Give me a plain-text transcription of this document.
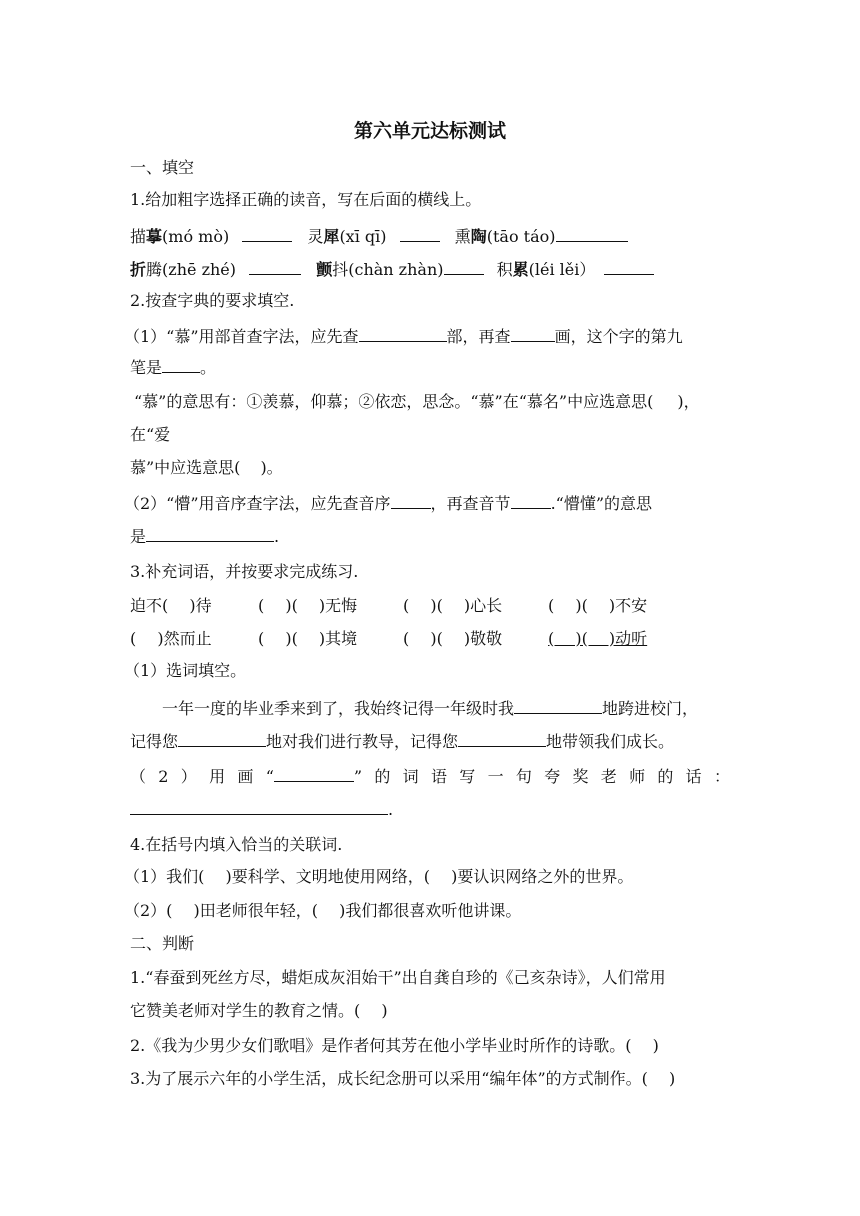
第六单元达标测试
一、填空
1.给加粗字选择正确的读音，写在后面的横线上。
描摹(mó mò)	灵犀(xī qī)	熏陶(tāo táo)
折腾(zhē zhé)	颤抖(chàn zhàn)	积累(léi lěi）
2.按查字典的要求填空.
（1）“慕”用部首查字法，应先查	部，再查	画，这个字的第九
笔是 。
“慕”的意思有：①羡慕，仰慕；②依恋，思念。“慕”在“慕名”中应选意思( )，
在“爱
慕”中应选意思( )。
（2）“懵”用音序查字法，应先查音序	，再查音节	.“懵懂”的意思
是	.
3.补充词语，并按要求完成练习.
迫不(　 )待	(　 )(　 )无悔	(　 )(　 )心长	(　 )(　 )不安
(　 )然而止	(　 )(　 )其境	(　 )(　 )敬敬	(　 )(　 )动听
（1）选词填空。
一年一度的毕业季来到了，我始终记得一年级时我	地跨进校门，
记得您	地对我们进行教导，记得您	地带领我们成长。
（2）用画“	”的词语写一句夸奖老师的话：
.
4.在括号内填入恰当的关联词.
（1）我们(　 )要科学、文明地使用网络，(　 )要认识网络之外的世界。
（2）(　 )田老师很年轻，(　 )我们都很喜欢听他讲课。
二、判断
1.“春蚕到死丝方尽，蜡炬成灰泪始干”出自龚自珍的《己亥杂诗》，人们常用
它赞美老师对学生的教育之情。(　 )
2.《我为少男少女们歌唱》是作者何其芳在他小学毕业时所作的诗歌。(　 )
3.为了展示六年的小学生活，成长纪念册可以采用“编年体”的方式制作。(　 )
